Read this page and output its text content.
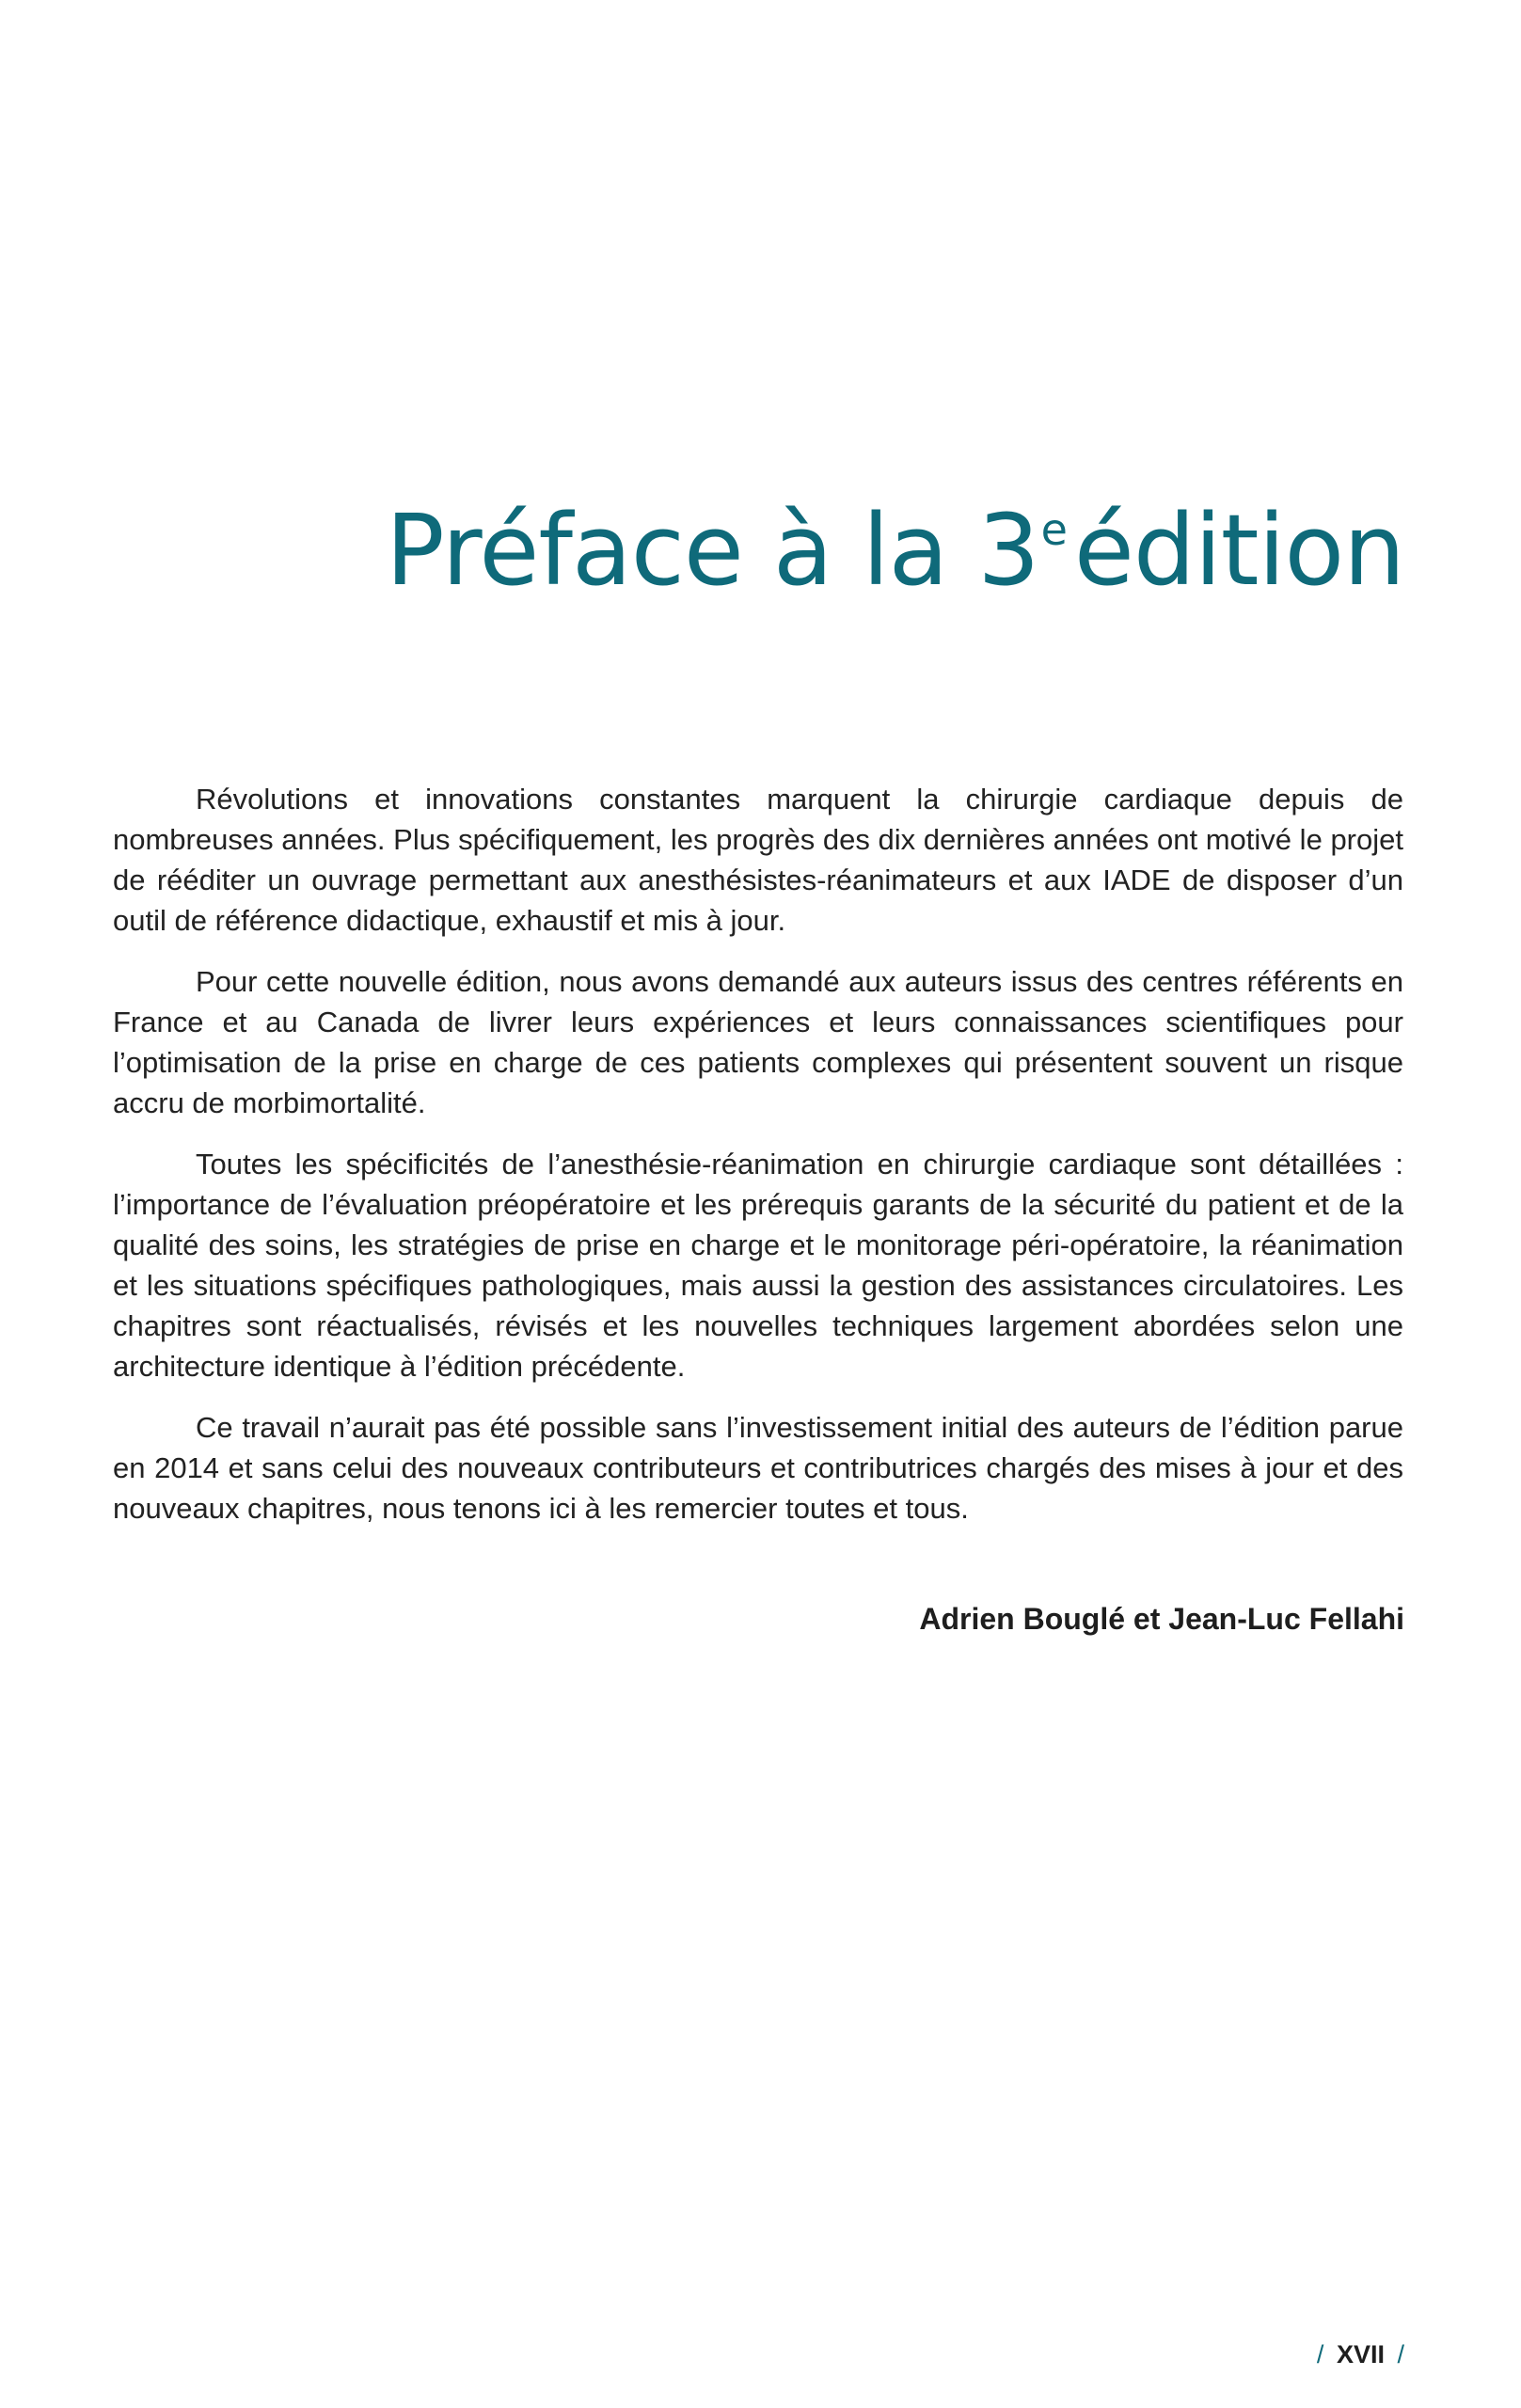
Préface à la 3eédition

Révolutions et innovations constantes marquent la chirurgie cardiaque depuis de nombreuses années. Plus spécifiquement, les progrès des dix dernières années ont motivé le projet de rééditer un ouvrage permettant aux anesthésistes-réanimateurs et aux IADE de disposer d’un outil de référence didactique, exhaustif et mis à jour.

Pour cette nouvelle édition, nous avons demandé aux auteurs issus des centres référents en France et au Canada de livrer leurs expériences et leurs connaissances scientifiques pour l’optimisation de la prise en charge de ces patients complexes qui présentent souvent un risque accru de morbimortalité.

Toutes les spécificités de l’anesthésie-réanimation en chirurgie cardiaque sont détaillées : l’importance de l’évaluation préopératoire et les prérequis garants de la sécurité du patient et de la qualité des soins, les stratégies de prise en charge et le monitorage péri-opératoire, la réanimation et les situations spécifiques pathologiques, mais aussi la gestion des assistances circulatoires. Les chapitres sont réactualisés, révisés et les nouvelles techniques largement abordées selon une architecture identique à l’édition précédente.

Ce travail n’aurait pas été possible sans l’investissement initial des auteurs de l’édition parue en 2014 et sans celui des nouveaux contributeurs et contributrices chargés des mises à jour et des nouveaux chapitres, nous tenons ici à les remercier toutes et tous.

Adrien Bouglé et Jean-Luc Fellahi

/ XVII /
